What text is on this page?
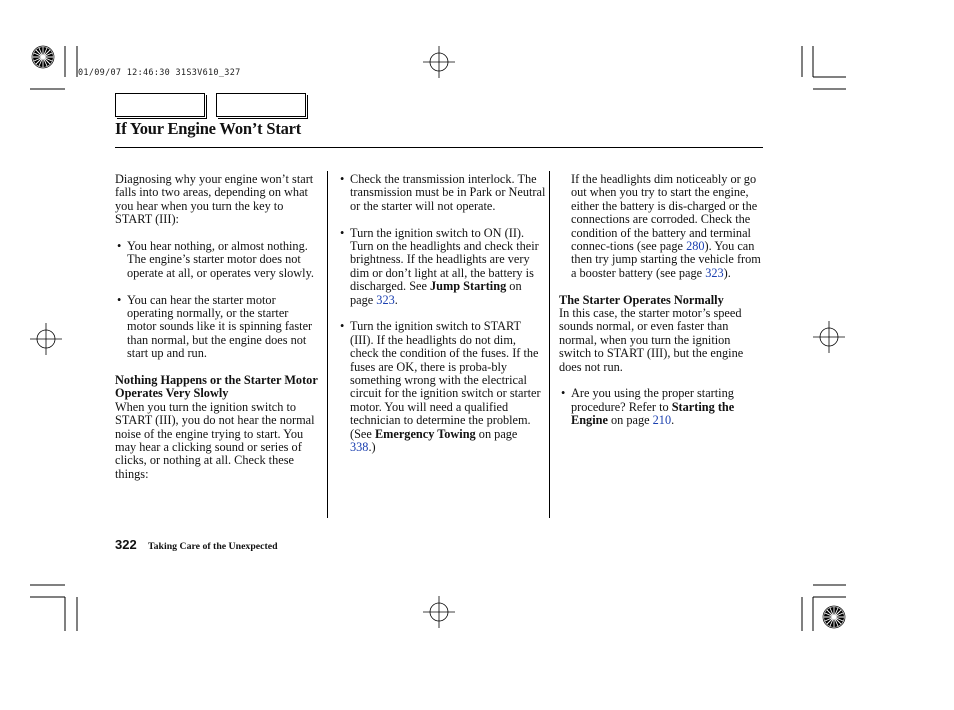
01/09/07 12:46:30 31S3V610_327
If Your Engine Won’t Start

Diagnosing why your engine won’t start falls into two areas, depending on what you hear when you turn the key to START (III):

• You hear nothing, or almost nothing. The engine’s starter motor does not operate at all, or operates very slowly.

• You can hear the starter motor operating normally, or the starter motor sounds like it is spinning faster than normal, but the engine does not start up and run.

Nothing Happens or the Starter Motor Operates Very Slowly

When you turn the ignition switch to START (III), you do not hear the normal noise of the engine trying to start. You may hear a clicking sound or series of clicks, or nothing at all. Check these things:

• Check the transmission interlock. The transmission must be in Park or Neutral or the starter will not operate.

• Turn the ignition switch to ON (II). Turn on the headlights and check their brightness. If the headlights are very dim or don’t light at all, the battery is discharged. See Jump Starting on page 323.

• Turn the ignition switch to START (III). If the headlights do not dim, check the condition of the fuses. If the fuses are OK, there is proba-bly something wrong with the electrical circuit for the ignition switch or starter motor. You will need a qualified technician to determine the problem. (See Emergency Towing on page 338.)

If the headlights dim noticeably or go out when you try to start the engine, either the battery is dis-charged or the connections are corroded. Check the condition of the battery and terminal connec-tions (see page 280). You can then try jump starting the vehicle from a booster battery (see page 323).

The Starter Operates Normally

In this case, the starter motor’s speed sounds normal, or even faster than normal, when you turn the ignition switch to START (III), but the engine does not run.

• Are you using the proper starting procedure? Refer to Starting the Engine on page 210.

322 Taking Care of the Unexpected
